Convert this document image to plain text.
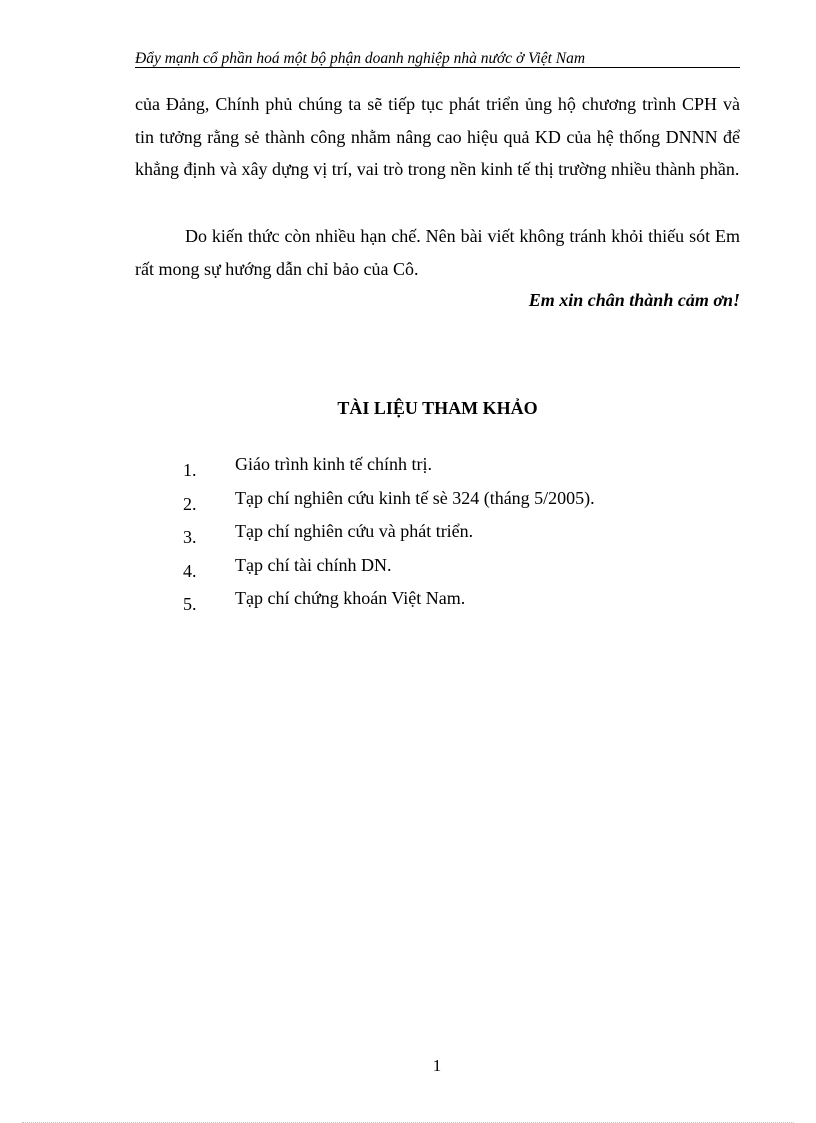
Đẩy mạnh cổ phần hoá một bộ phận doanh nghiệp nhà nước ở Việt Nam
của Đảng, Chính phủ chúng ta sẽ tiếp tục phát triển ủng hộ chương trình CPH và tin tưởng rằng sẻ thành công nhằm nâng cao hiệu quả KD của hệ thống DNNN để khẳng định và xây dựng vị trí, vai trò trong nền kinh tế thị trường nhiều thành phần.
Do kiến thức còn nhiều hạn chế. Nên bài viết không tránh khỏi thiếu sót Em rất mong sự hướng dẫn chỉ bảo của Cô.
Em xin chân thành cảm ơn!
TÀI LIỆU THAM KHẢO
1. Giáo trình kinh tế chính trị.
2. Tạp chí nghiên cứu kinh tế sè 324 (tháng 5/2005).
3. Tạp chí nghiên cứu và phát triển.
4. Tạp chí tài chính DN.
5. Tạp chí chứng khoán Việt Nam.
1
